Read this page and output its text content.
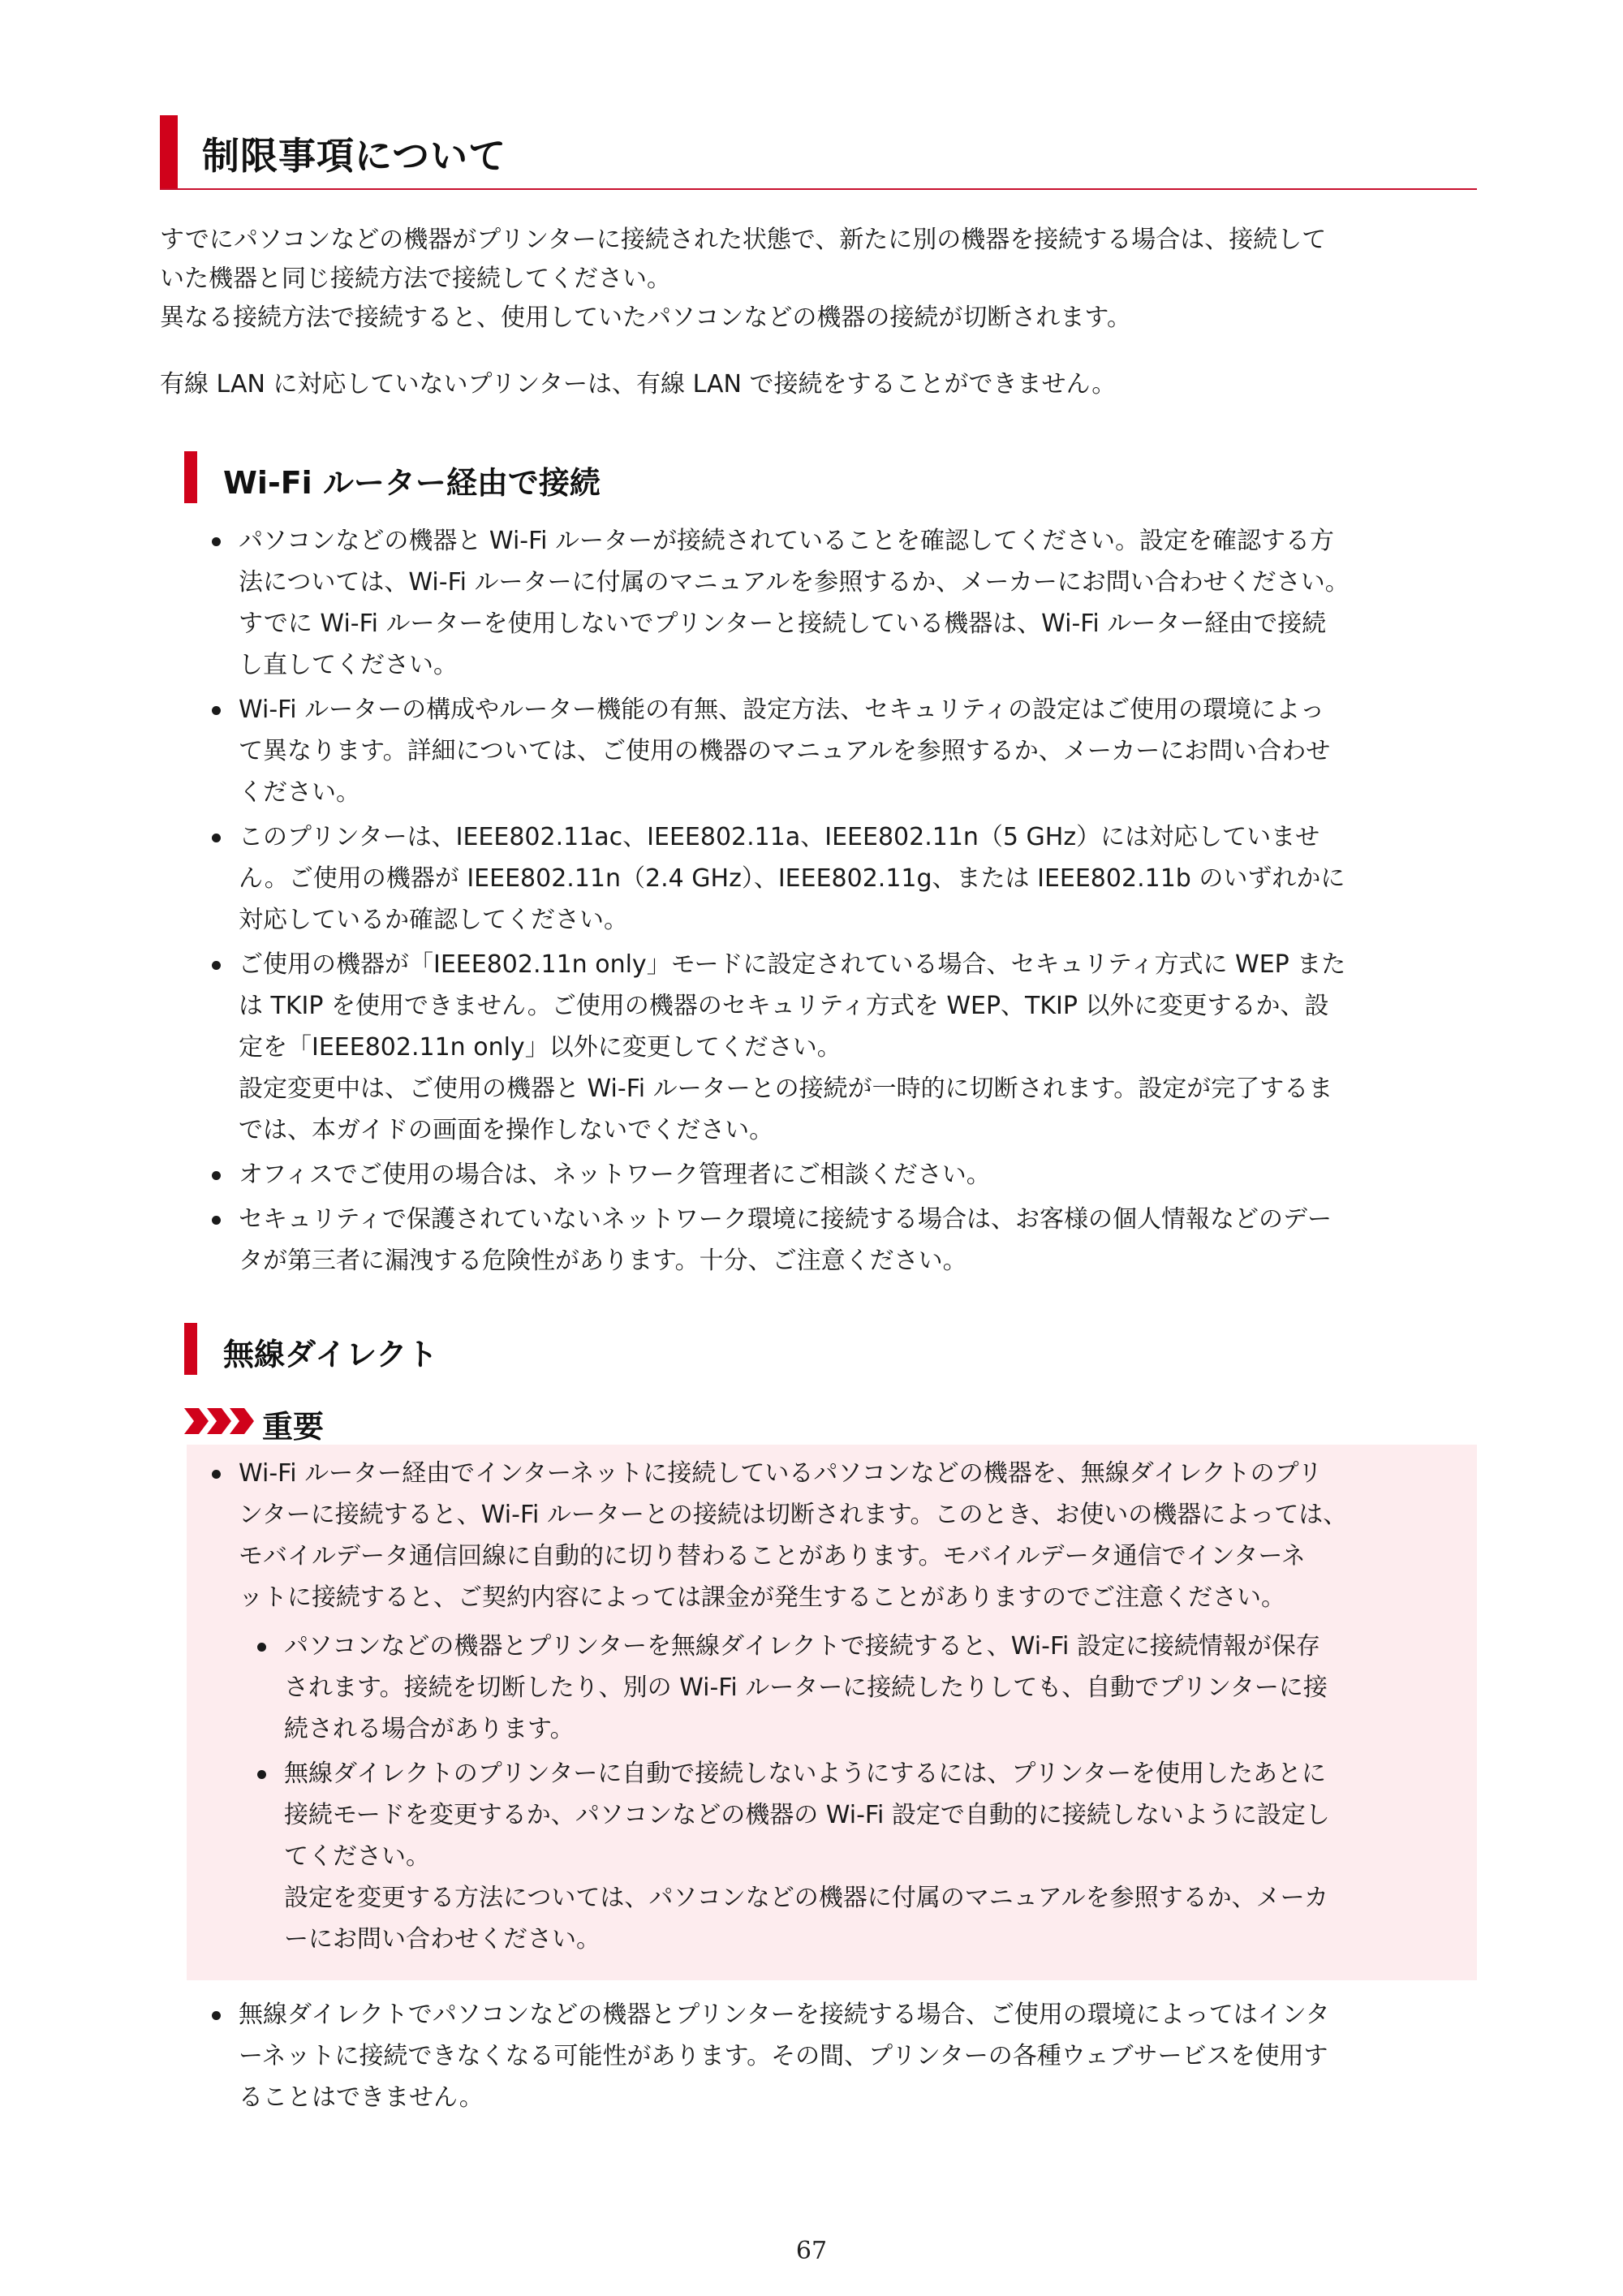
制限事項について

すでにパソコンなどの機器がプリンターに接続された状態で、新たに別の機器を接続する場合は、接続して
いた機器と同じ接続方法で接続してください。
異なる接続方法で接続すると、使用していたパソコンなどの機器の接続が切断されます。

有線 LAN に対応していないプリンターは、有線 LAN で接続をすることができません。

Wi-Fi ルーター経由で接続
パソコンなどの機器と Wi-Fi ルーターが接続されていることを確認してください。設定を確認する方
法については、Wi-Fi ルーターに付属のマニュアルを参照するか、メーカーにお問い合わせください。
すでに Wi-Fi ルーターを使用しないでプリンターと接続している機器は、Wi-Fi ルーター経由で接続
し直してください。
Wi-Fi ルーターの構成やルーター機能の有無、設定方法、セキュリティの設定はご使用の環境によっ
て異なります。詳細については、ご使用の機器のマニュアルを参照するか、メーカーにお問い合わせ
ください。
このプリンターは、IEEE802.11ac、IEEE802.11a、IEEE802.11n（5 GHz）には対応していませ
ん。ご使用の機器が IEEE802.11n（2.4 GHz）、IEEE802.11g、または IEEE802.11b のいずれかに
対応しているか確認してください。
ご使用の機器が「IEEE802.11n only」モードに設定されている場合、セキュリティ方式に WEP また
は TKIP を使用できません。ご使用の機器のセキュリティ方式を WEP、TKIP 以外に変更するか、設
定を「IEEE802.11n only」以外に変更してください。
設定変更中は、ご使用の機器と Wi-Fi ルーターとの接続が一時的に切断されます。設定が完了するま
では、本ガイドの画面を操作しないでください。
オフィスでご使用の場合は、ネットワーク管理者にご相談ください。
セキュリティで保護されていないネットワーク環境に接続する場合は、お客様の個人情報などのデー
タが第三者に漏洩する危険性があります。十分、ご注意ください。
無線ダイレクト
重要
Wi-Fi ルーター経由でインターネットに接続しているパソコンなどの機器を、無線ダイレクトのプリ
ンターに接続すると、Wi-Fi ルーターとの接続は切断されます。このとき、お使いの機器によっては、
モバイルデータ通信回線に自動的に切り替わることがあります。モバイルデータ通信でインターネ
ットに接続すると、ご契約内容によっては課金が発生することがありますのでご注意ください。
パソコンなどの機器とプリンターを無線ダイレクトで接続すると、Wi-Fi 設定に接続情報が保存
されます。接続を切断したり、別の Wi-Fi ルーターに接続したりしても、自動でプリンターに接
続される場合があります。
無線ダイレクトのプリンターに自動で接続しないようにするには、プリンターを使用したあとに
接続モードを変更するか、パソコンなどの機器の Wi-Fi 設定で自動的に接続しないように設定し
てください。
設定を変更する方法については、パソコンなどの機器に付属のマニュアルを参照するか、メーカ
ーにお問い合わせください。
無線ダイレクトでパソコンなどの機器とプリンターを接続する場合、ご使用の環境によってはインタ
ーネットに接続できなくなる可能性があります。その間、プリンターの各種ウェブサービスを使用す
ることはできません。
67
